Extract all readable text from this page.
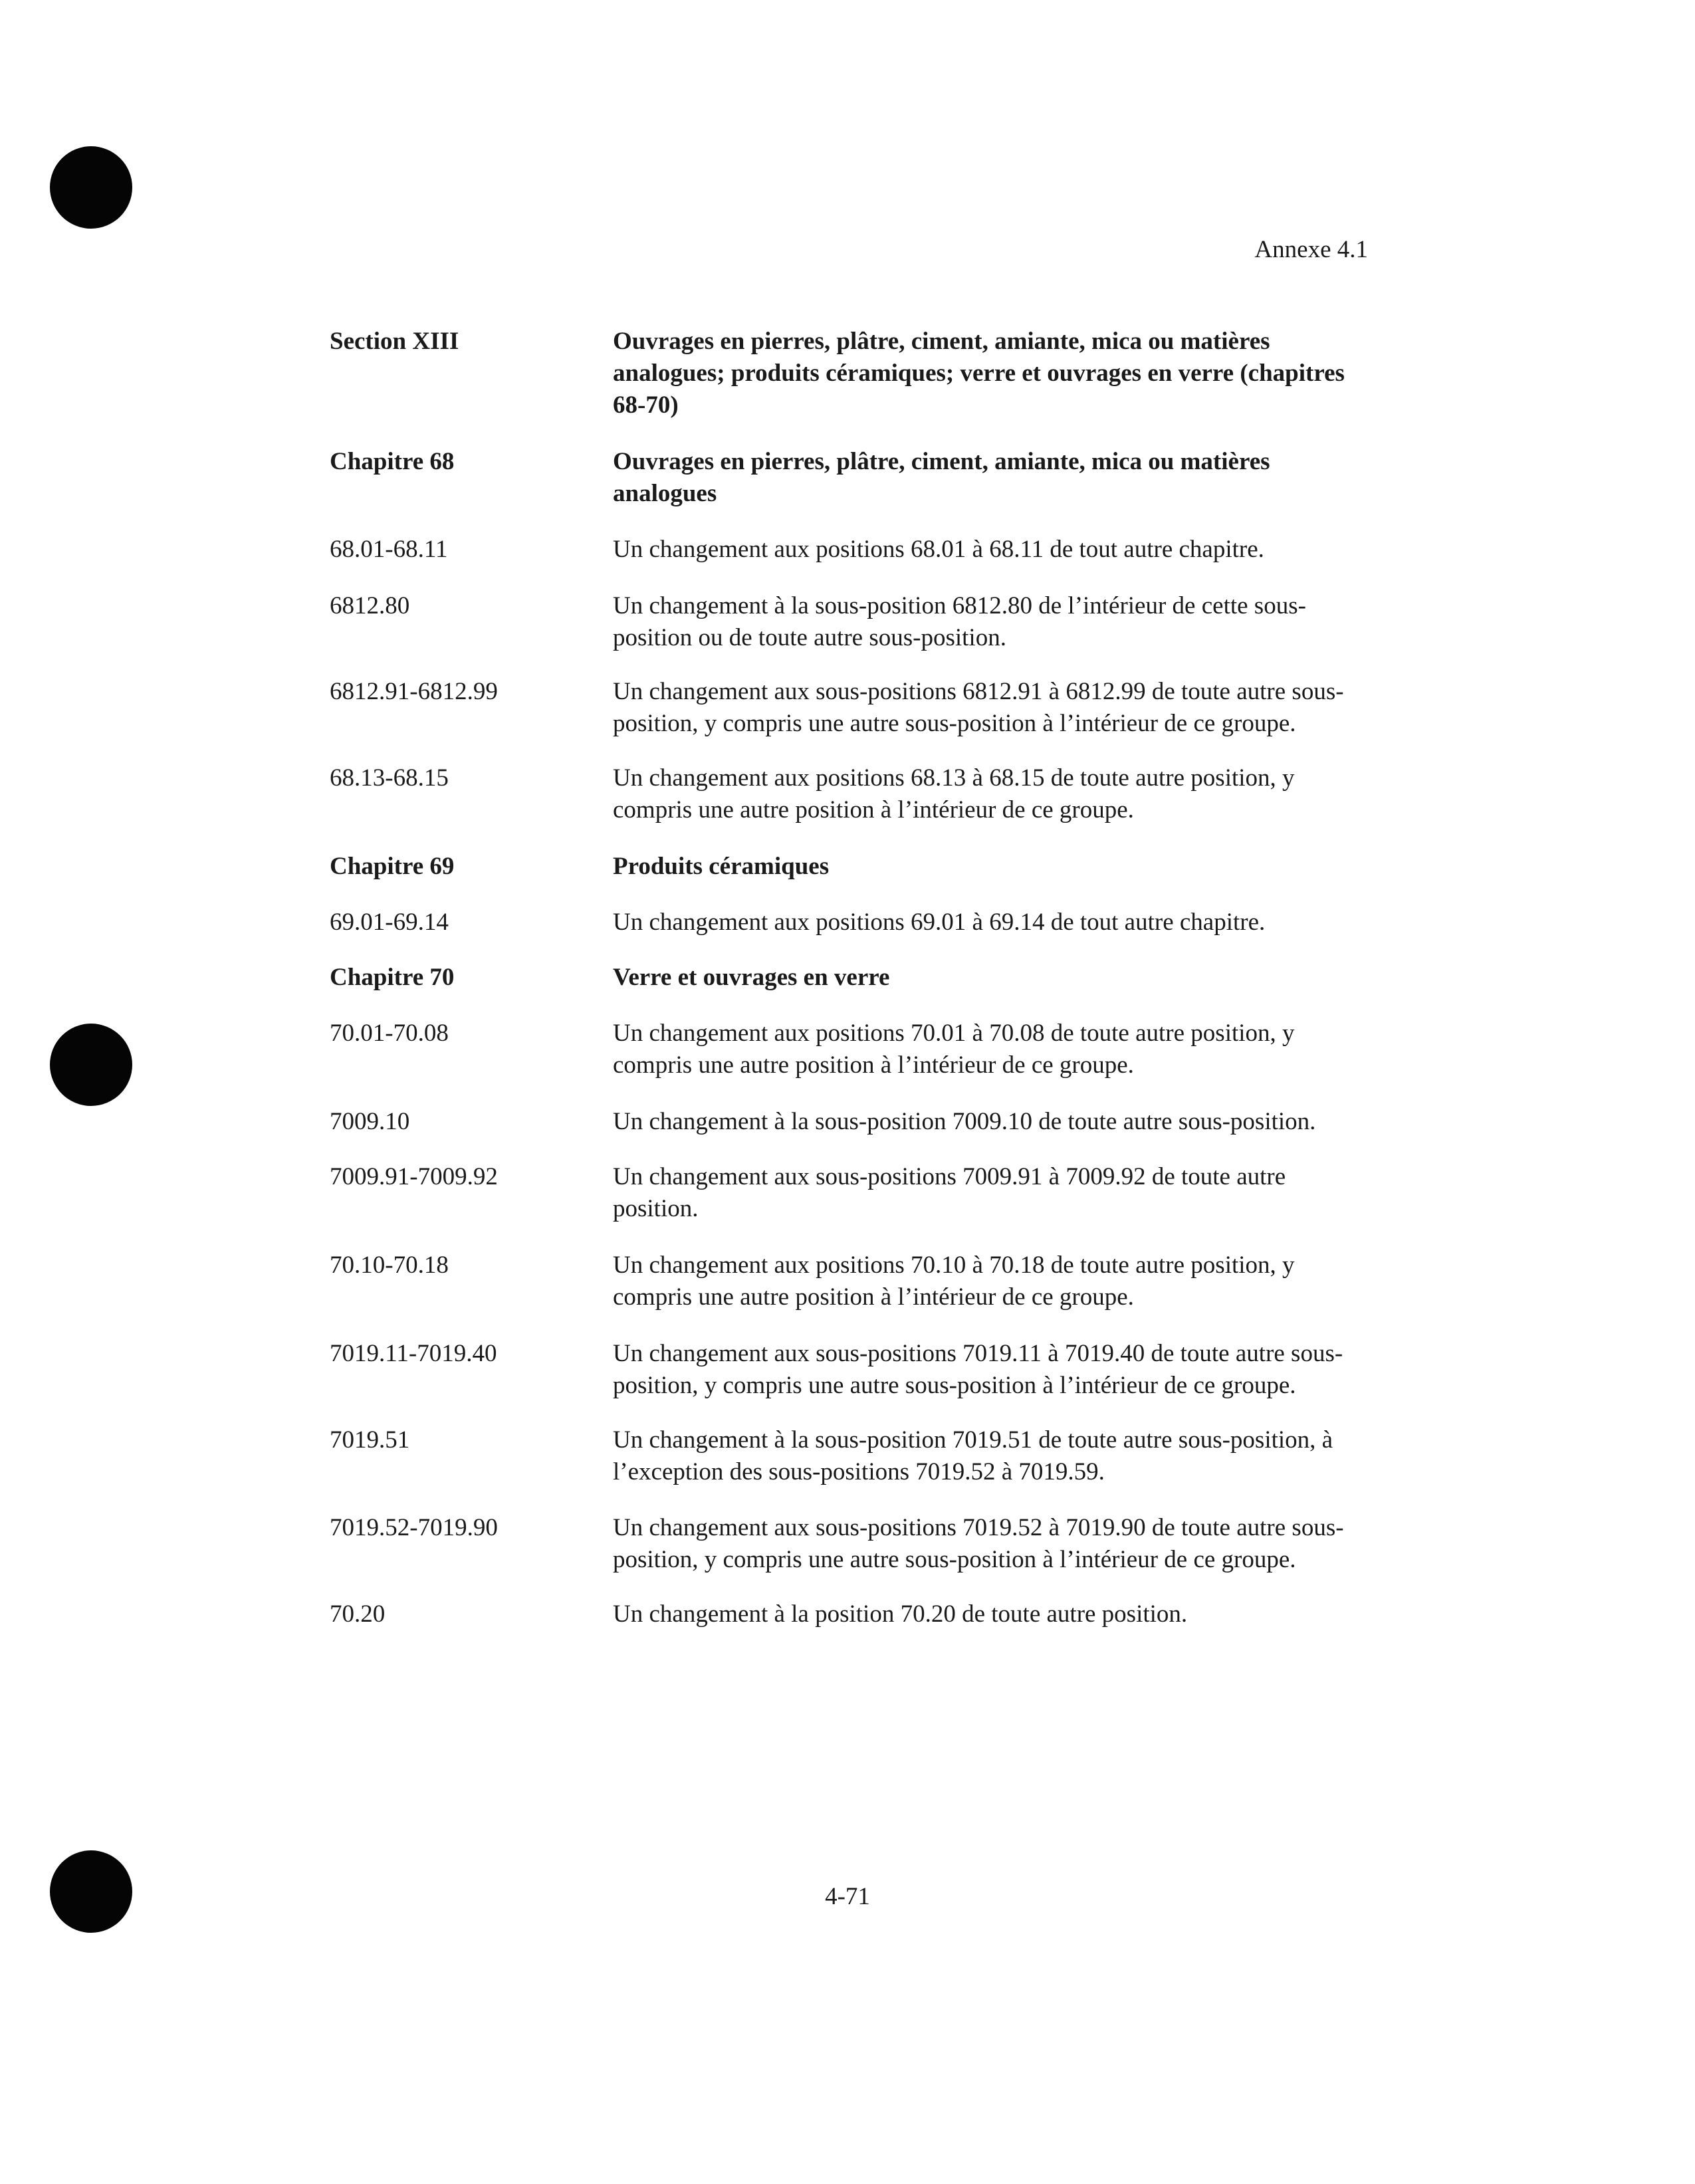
Annexe 4.1
Section XIII	Ouvrages en pierres, plâtre, ciment, amiante, mica ou matières analogues; produits céramiques; verre et ouvrages en verre (chapitres 68-70)
Chapitre 68	Ouvrages en pierres, plâtre, ciment, amiante, mica ou matières analogues
68.01-68.11	Un changement aux positions 68.01 à 68.11 de tout autre chapitre.
6812.80	Un changement à la sous-position 6812.80 de l’intérieur de cette sous-position ou de toute autre sous-position.
6812.91-6812.99	Un changement aux sous-positions 6812.91 à 6812.99 de toute autre sous-position, y compris une autre sous-position à l’intérieur de ce groupe.
68.13-68.15	Un changement aux positions 68.13 à 68.15 de toute autre position, y compris une autre position à l’intérieur de ce groupe.
Chapitre 69	Produits céramiques
69.01-69.14	Un changement aux positions 69.01 à 69.14 de tout autre chapitre.
Chapitre 70	Verre et ouvrages en verre
70.01-70.08	Un changement aux positions 70.01 à 70.08 de toute autre position, y compris une autre position à l’intérieur de ce groupe.
7009.10	Un changement à la sous-position 7009.10 de toute autre sous-position.
7009.91-7009.92	Un changement aux sous-positions 7009.91 à 7009.92 de toute autre position.
70.10-70.18	Un changement aux positions 70.10 à 70.18 de toute autre position, y compris une autre position à l’intérieur de ce groupe.
7019.11-7019.40	Un changement aux sous-positions 7019.11 à 7019.40 de toute autre sous-position, y compris une autre sous-position à l’intérieur de ce groupe.
7019.51	Un changement à la sous-position 7019.51 de toute autre sous-position, à l’exception des sous-positions 7019.52 à 7019.59.
7019.52-7019.90	Un changement aux sous-positions 7019.52 à 7019.90 de toute autre sous-position, y compris une autre sous-position à l’intérieur de ce groupe.
70.20	Un changement à la position 70.20 de toute autre position.
4-71
